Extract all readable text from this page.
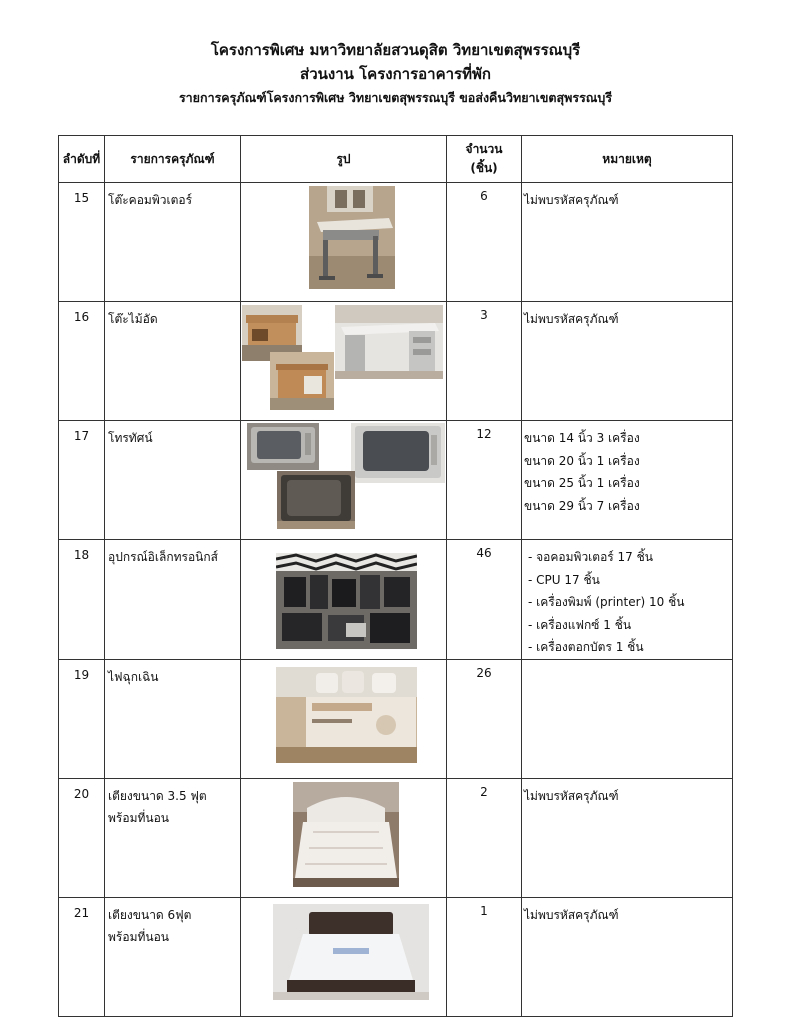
โครงการพิเศษ มหาวิทยาลัยสวนดุสิต วิทยาเขตสุพรรณบุรี
ส่วนงาน โครงการอาคารที่พัก
รายการครุภัณฑ์โครงการพิเศษ วิทยาเขตสุพรรณบุรี ขอส่งคืนวิทยาเขตสุพรรณบุรี
ลำดับที่	รายการครุภัณฑ์	รูป	จำนวน
(ชิ้น)	หมายเหตุ
15	โต๊ะคอมพิวเตอร์		6	ไม่พบรหัสครุภัณฑ์

16	โต๊ะไม้อัด		3	ไม่พบรหัสครุภัณฑ์

17	โทรทัศน์		12	ขนาด 14 นิ้ว 3 เครื่อง
ขนาด 20 นิ้ว 1 เครื่อง
ขนาด 25 นิ้ว 1 เครื่อง
ขนาด 29 นิ้ว 7 เครื่อง

18	อุปกรณ์อิเล็กทรอนิกส์		46	- จอคอมพิวเตอร์ 17 ชิ้น
- CPU 17 ชิ้น
- เครื่องพิมพ์ (printer) 10 ชิ้น
- เครื่องแฟกซ์ 1 ชิ้น
- เครื่องตอกบัตร 1 ชิ้น

19	ไฟฉุกเฉิน		26	
20	เตียงขนาด 3.5 ฟุต
พร้อมที่นอน		2	ไม่พบรหัสครุภัณฑ์

21	เตียงขนาด 6ฟุต
พร้อมที่นอน		1	ไม่พบรหัสครุภัณฑ์
